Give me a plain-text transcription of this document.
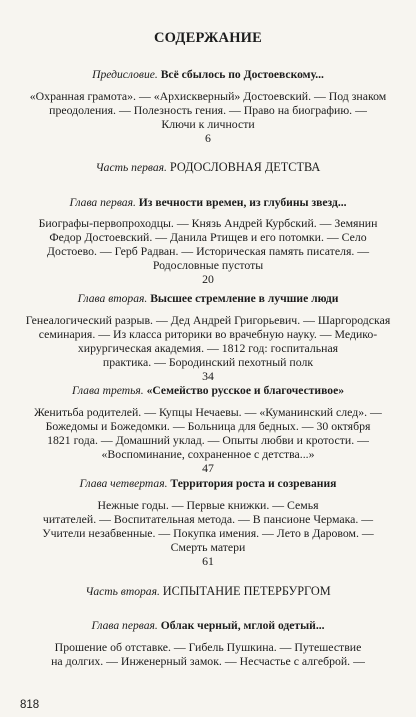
СОДЕРЖАНИЕ
Предисловие. Всё сбылось по Достоевскому...
«Охранная грамота». — «Архискверный» Достоевский. — Под знаком
преодоления. — Полезность гения. — Право на биографию. —
Ключи к личности
6
Часть первая. РОДОСЛОВНАЯ ДЕТСТВА
Глава первая. Из вечности времен, из глубины звезд...
Биографы-первопроходцы. — Князь Андрей Курбский. — Земянин
Федор Достоевский. — Данила Ртищев и его потомки. — Село
Достоево. — Герб Радван. — Историческая память писателя. —
Родословные пустоты
20
Глава вторая. Высшее стремление в лучшие люди
Генеалогический разрыв. — Дед Андрей Григорьевич. — Шаргородская
семинария. — Из класса риторики во врачебную науку. — Медико-
хирургическая академия. — 1812 год: госпитальная
практика. — Бородинский пехотный полк
34
Глава третья. «Семейство русское и благочестивое»
Женитьба родителей. — Купцы Нечаевы. — «Куманинский след». —
Божедомы и Божедомки. — Больница для бедных. — 30 октября
1821 года. — Домашний уклад. — Опыты любви и кротости. —
«Воспоминание, сохраненное с детства...»
47
Глава четвертая. Территория роста и созревания
Нежные годы. — Первые книжки. — Семья
читателей. — Воспитательная метода. — В пансионе Чермака. —
Учители незабвенные. — Покупка имения. — Лето в Даровом. —
Смерть матери
61
Часть вторая. ИСПЫТАНИЕ ПЕТЕРБУРГОМ
Глава первая. Облак черный, мглой одетый...
Прошение об отставке. — Гибель Пушкина. — Путешествие
на долгих. — Инженерный замок. — Несчастье с алгеброй. —
818
